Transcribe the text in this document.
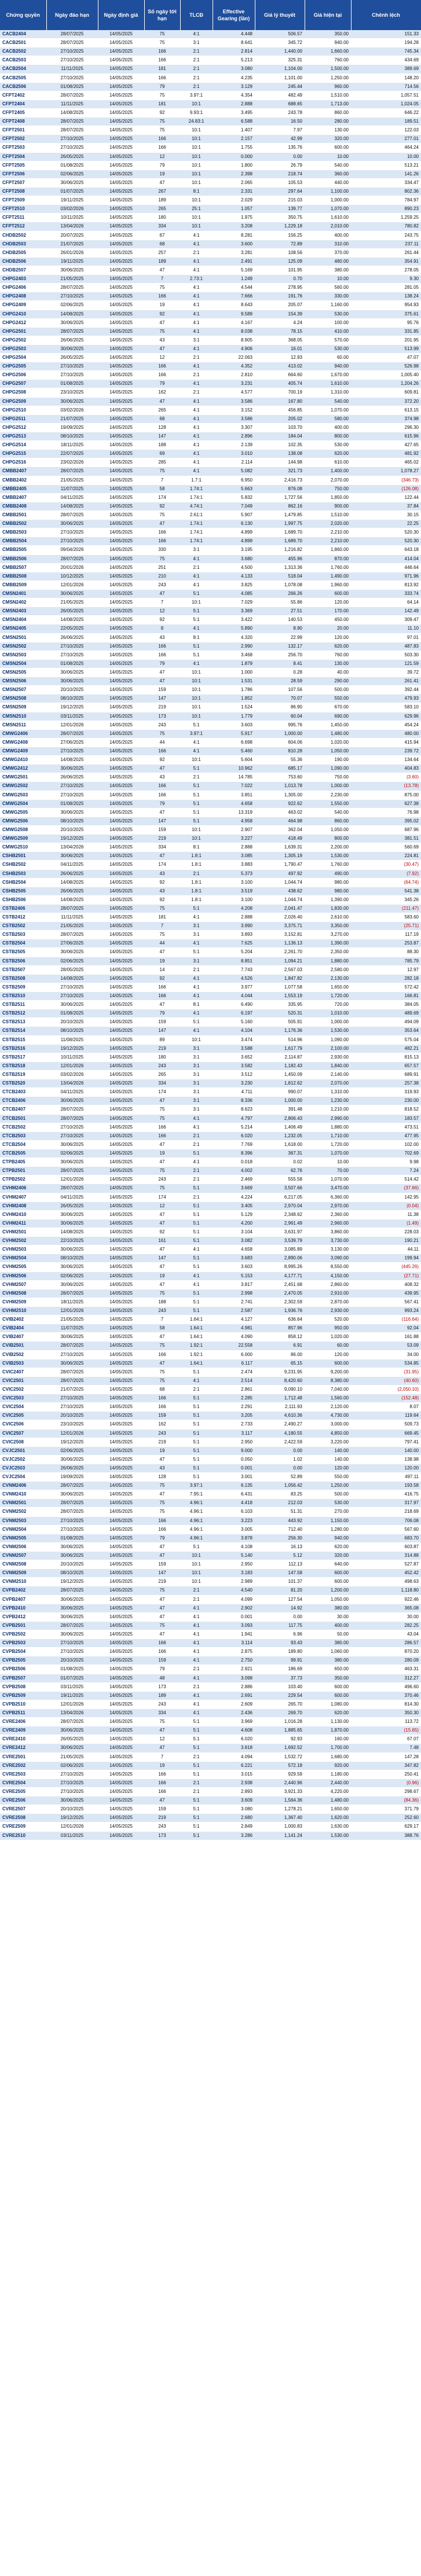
Chứng quyền	Ngày đáo hạn	Ngày định giá	Số ngày tới hạn	TLCĐ	Effective Gearing (lần)	Giá lý thuyết	Giá hiện tại	Chênh lệch
CACB2404	28/07/2025	14/05/2025	75	4:1	4.448	506.57	350.00	151.33
CACB2501	28/07/2025	14/05/2025	75	3:1	8.641	345.72	940.00	194.28
CACB2502	27/10/2025	14/05/2025	166	2:1	2.814	1,440.00	1,660.00	745.34
CACB2503	27/10/2025	14/05/2025	166	2:1	5.213	325.31	760.00	434.69
CACB2504	11/11/2025	14/05/2025	181	2:1	3.080	1,104.00	1,500.00	389.69
CACB2505	27/10/2025	14/05/2025	166	2:1	4.235	1,101.00	1,250.00	148.20
CACB2506	01/08/2025	14/05/2025	79	2:1	3.129	245.44	960.00	714.56
CFPT2402	28/07/2025	14/05/2025	75	3.97:1	4.354	482.49	1,510.00	1,057.51
CFPT2404	11/11/2025	14/05/2025	181	10:1	2.888	688.65	1,713.00	1,024.05
CFPT2405	14/08/2025	14/05/2025	92	9.93:1	3.495	243.78	860.00	646.22
CFPT2408	28/07/2025	14/05/2025	75	24.83:1	6.588	16.50	280.00	189.51
CFPT2501	28/07/2025	14/05/2025	75	10:1	1.407	7.97	130.00	122.03
CFPT2502	27/10/2025	14/05/2025	166	10:1	2.157	42.99	320.00	277.01
CFPT2503	27/10/2025	14/05/2025	166	10:1	1.755	135.76	600.00	464.24
CFPT2504	26/05/2025	14/05/2025	12	10:1	0.000	0.00	10.00	10.00
CFPT2505	01/08/2025	14/05/2025	79	10:1	1.800	26.79	540.00	513.21
CFPT2506	02/06/2025	14/05/2025	19	10:1	2.398	218.74	360.00	141.26
CFPT2507	30/06/2025	14/05/2025	47	10:1	2.065	105.53	440.00	334.47
CFPT2508	01/07/2025	14/05/2025	267	8:1	2.331	297.64	1,100.00	802.36
CFPT2509	19/11/2025	14/05/2025	189	10:1	2.029	215.03	1,000.00	784.97
CFPT2510	03/02/2026	14/05/2025	265	25:1	1.057	139.77	1,070.00	890.23
CFPT2511	10/11/2025	14/05/2025	180	10:1	1.975	350.75	1,610.00	1,259.25
CFPT2512	13/04/2026	14/05/2025	334	10:1	3.208	1,229.18	2,010.00	780.82
CHDB2502	20/07/2025	14/05/2025	67	4:1	8.281	156.25	400.00	243.75
CHDB2503	21/07/2025	14/05/2025	68	4:1	3.600	72.89	310.00	237.11
CHDB2505	26/01/2026	14/05/2025	257	2:1	3.281	108.56	370.00	261.44
CHDB2506	19/11/2025	14/05/2025	189	4:1	2.491	125.09	480.00	354.91
CHDB2507	30/06/2025	14/05/2025	47	4:1	5.169	101.95	380.00	278.05
CHPG2403	21/05/2025	14/05/2025	7	2.73:1	1.249	0.70	10.00	9.30
CHPG2406	28/07/2025	14/05/2025	75	4:1	4.544	278.95	560.00	281.05
CHPG2408	27/10/2025	14/05/2025	166	4:1	7.666	191.76	330.00	138.24
CHPG2409	02/06/2025	14/05/2025	19	4:1	8.643	205.07	1,160.00	954.93
CHPG2410	14/08/2025	14/05/2025	92	4:1	9.589	154.39	530.00	375.61
CHPG2412	30/06/2025	14/05/2025	47	4:1	4.167	4.24	100.00	95.76
CHPG2501	28/07/2025	14/05/2025	75	4:1	8.038	78.15	410.00	331.85
CHPG2502	26/06/2025	14/05/2025	43	3:1	8.905	368.05	570.00	201.95
CHPG2503	30/06/2025	14/05/2025	47	4:1	4.906	16.01	530.00	513.99
CHPG2504	26/05/2025	14/05/2025	12	2:1	22.063	12.93	60.00	47.07
CHPG2505	27/10/2025	14/05/2025	166	4:1	4.352	413.02	940.00	526.98
CHPG2506	27/10/2025	14/05/2025	166	2:1	2.810	664.60	1,670.00	1,005.40
CHPG2507	01/08/2025	14/05/2025	79	4:1	3.231	405.74	1,610.00	1,204.26
CHPG2508	23/10/2025	14/05/2025	162	2:1	4.577	700.19	1,310.00	609.81
CHPG2509	30/06/2025	14/05/2025	47	4:1	3.586	167.80	540.00	372.20
CHPG2510	03/02/2026	14/05/2025	265	4:1	3.152	456.85	1,070.00	613.15
CHPG2511	21/07/2025	14/05/2025	68	4:1	3.586	205.02	580.00	374.98
CHPG2512	19/09/2025	14/05/2025	128	4:1	3.307	103.70	400.00	296.30
CHPG2513	08/10/2025	14/05/2025	147	4:1	2.896	184.04	800.00	615.96
CHPG2514	18/11/2025	14/05/2025	188	4:1	2.139	102.35	530.00	427.65
CHPG2515	22/07/2025	14/05/2025	69	4:1	3.010	138.08	620.00	481.92
CHPG2516	23/02/2026	14/05/2025	285	4:1	2.114	144.98	610.00	465.02
CMBB2407	28/07/2025	14/05/2025	75	4:1	5.082	321.73	1,400.00	1,078.27
CMBB2402	21/05/2025	14/05/2025	7	1.7:1	6.950	2,416.73	2,070.00	(346.73)
CMBB2405	11/07/2025	14/05/2025	58	1.74:1	5.663	876.08	750.00	(126.08)
CMBB2407	04/11/2025	14/05/2025	174	1.74:1	5.832	1,727.56	1,850.00	122.44
CMBB2408	14/08/2025	14/05/2025	92	4.74:1	7.049	862.16	900.00	37.84
CMBB2501	28/07/2025	14/05/2025	75	2.61:1	5.907	1,479.85	1,510.00	30.15
CMBB2502	30/06/2025	14/05/2025	47	1.74:1	6.130	1,997.75	2,020.00	22.25
CMBB2503	27/10/2025	14/05/2025	166	1.74:1	4.899	1,689.70	2,210.00	520.30
CMBB2504	27/10/2025	14/05/2025	166	1.74:1	4.899	1,689.70	2,210.00	520.30
CMBB2505	09/04/2026	14/05/2025	330	3:1	3.195	1,216.82	1,860.00	643.18
CMBB2506	28/07/2025	14/05/2025	75	4:1	3.680	455.96	870.00	414.04
CMBB2507	20/01/2026	14/05/2025	251	2:1	4.500	1,313.36	1,760.00	446.64
CMBB2508	10/12/2025	14/05/2025	210	4:1	4.133	518.04	1,490.00	971.96
CMBB2509	12/01/2026	14/05/2025	243	4:1	3.825	1,078.08	1,960.00	813.92
CMSN2401	30/06/2025	14/05/2025	47	5:1	4.085	266.26	600.00	333.74
CMSN2402	21/05/2025	14/05/2025	7	10:1	7.029	55.86	120.00	64.14
CMSN2403	26/05/2025	14/05/2025	12	5:1	3.369	27.51	170.00	142.49
CMSN2404	14/08/2025	14/05/2025	92	5:1	3.422	140.53	450.00	309.47
CMSN2405	22/05/2025	14/05/2025	8	4:1	5.890	8.90	20.00	11.10
CMSN2501	26/06/2025	14/05/2025	43	8:1	4.320	22.99	120.00	97.01
CMSN2502	27/10/2025	14/05/2025	166	5:1	2.990	132.17	620.00	487.83
CMSN2503	27/10/2025	14/05/2025	166	5:1	3.468	256.70	760.00	503.30
CMSN2504	01/08/2025	14/05/2025	79	4:1	1.879	8.41	130.00	121.59
CMSN2505	30/06/2025	14/05/2025	47	10:1	1.000	0.28	40.00	39.72
CMSN2506	30/06/2025	14/05/2025	47	10:1	1.531	28.59	290.00	261.41
CMSN2507	20/10/2025	14/05/2025	159	10:1	1.786	107.56	500.00	392.44
CMSN2508	08/10/2025	14/05/2025	147	10:1	1.852	70.07	550.00	479.93
CMSN2509	19/12/2025	14/05/2025	219	10:1	1.524	86.90	670.00	583.10
CMSN2510	03/11/2025	14/05/2025	173	10:1	1.779	60.04	690.00	629.96
CMSN2511	12/01/2026	14/05/2025	243	5:1	3.603	995.76	1,450.00	454.24
CMWG2406	28/07/2025	14/05/2025	75	3.97:1	5.917	1,000.00	1,480.00	480.00
CMWG2408	27/06/2025	14/05/2025	44	4:1	6.698	604.06	1,020.00	415.94
CMWG2409	27/10/2025	14/05/2025	166	4:1	5.460	810.28	1,050.00	239.72
CMWG2410	14/08/2025	14/05/2025	92	10:1	5.604	55.36	190.00	134.64
CMWG2412	30/06/2025	14/05/2025	47	5:1	10.962	685.17	1,090.00	404.83
CMWG2501	26/06/2025	14/05/2025	43	2:1	14.785	753.60	750.00	(3.60)
CMWG2502	27/10/2025	14/05/2025	166	5:1	7.022	1,013.78	1,000.00	(13.78)
CMWG2503	27/10/2025	14/05/2025	166	5:1	3.851	1,305.00	2,230.00	875.00
CMWG2504	01/08/2025	14/05/2025	79	5:1	4.658	922.62	1,550.00	627.38
CMWG2505	30/06/2025	14/05/2025	47	5:1	13.319	463.02	540.00	76.98
CMWG2506	08/10/2025	14/05/2025	147	5:1	4.958	464.98	860.00	395.02
CMWG2508	20/10/2025	14/05/2025	159	10:1	2.907	362.04	1,050.00	687.96
CMWG2509	19/12/2025	14/05/2025	219	10:1	3.227	418.49	800.00	381.51
CMWG2510	13/04/2026	14/05/2025	334	8:1	2.888	1,639.31	2,200.00	560.69
CSHB2501	30/06/2025	14/05/2025	47	1.8:1	3.085	1,305.19	1,530.00	224.81
CSHB2502	04/11/2025	14/05/2025	174	1.8:1	3.883	1,790.47	1,760.00	(30.47)
CSHB2503	26/06/2025	14/05/2025	43	2:1	5.373	497.92	490.00	(7.92)
CSHB2504	14/08/2025	14/05/2025	92	1.8:1	3.100	1,044.74	980.00	(64.74)
CSHB2505	26/06/2025	14/05/2025	43	1.8:1	3.519	438.62	980.00	541.38
CSHB2506	14/08/2025	14/05/2025	92	1.8:1	3.100	1,044.74	1,390.00	345.26
CSTB2406	28/07/2025	14/05/2025	75	5:1	4.208	2,041.47	1,830.00	(211.47)
CSTB2412	11/11/2025	14/05/2025	181	4:1	2.888	2,026.40	2,610.00	583.60
CSTB2502	21/05/2025	14/05/2025	7	3:1	3.990	3,375.71	3,350.00	(25.71)
CSTB2503	28/07/2025	14/05/2025	75	3:1	3.893	3,152.81	3,270.00	117.19
CSTB2504	27/06/2025	14/05/2025	44	4:1	7.625	1,136.13	1,390.00	253.87
CSTB2505	30/06/2025	14/05/2025	47	5:1	5.204	2,261.70	2,350.00	88.30
CSTB2506	02/06/2025	14/05/2025	19	3:1	8.851	1,094.21	1,880.00	785.79
CSTB2507	28/05/2025	14/05/2025	14	2:1	7.743	2,567.03	2,580.00	12.97
CSTB2508	14/08/2025	14/05/2025	92	4:1	4.526	1,847.82	2,130.00	282.18
CSTB2509	27/10/2025	14/05/2025	166	4:1	3.977	1,077.58	1,650.00	572.42
CSTB2510	27/10/2025	14/05/2025	166	4:1	4.044	1,553.19	1,720.00	166.81
CSTB2511	30/06/2025	14/05/2025	47	8:1	6.490	335.95	720.00	384.05
CSTB2512	01/08/2025	14/05/2025	79	4:1	6.197	520.31	1,010.00	489.69
CSTB2513	20/10/2025	14/05/2025	159	5:1	5.160	505.91	1,000.00	494.09
CSTB2514	08/10/2025	14/05/2025	147	4:1	4.104	1,176.36	1,530.00	353.64
CSTB2515	11/08/2025	14/05/2025	89	10:1	3.474	514.96	1,090.00	575.04
CSTB2516	19/12/2025	14/05/2025	219	3:1	3.588	1,617.79	2,100.00	482.21
CSTB2517	10/11/2025	14/05/2025	180	3:1	3.652	2,114.87	2,930.00	815.13
CSTB2518	12/01/2026	14/05/2025	243	3:1	3.582	1,182.43	1,840.00	657.57
CSTB2519	03/02/2026	14/05/2025	265	3:1	3.512	1,450.09	2,140.00	689.91
CSTB2520	13/04/2026	14/05/2025	334	3:1	3.230	1,812.62	2,070.00	257.38
CTCB2403	04/11/2025	14/05/2025	174	3:1	4.711	990.07	1,310.00	319.93
CTCB2406	30/06/2025	14/05/2025	47	3:1	8.336	1,000.00	1,230.00	230.00
CTCB2407	28/07/2025	14/05/2025	75	3:1	8.623	391.48	1,210.00	818.52
CTCB2501	28/07/2025	14/05/2025	75	4:1	4.797	2,806.43	2,990.00	183.57
CTCB2502	27/10/2025	14/05/2025	166	4:1	5.214	1,406.49	1,880.00	473.51
CTCB2503	27/10/2025	14/05/2025	166	2:1	6.020	1,232.05	1,710.00	477.95
CTCB2504	30/06/2025	14/05/2025	47	2:1	7.769	1,618.00	1,720.00	102.00
CTCB2505	02/06/2025	14/05/2025	19	5:1	8.396	367.31	1,070.00	702.69
CTPB2405	30/06/2025	14/05/2025	47	4:1	0.018	0.02	10.00	9.98
CTPB2501	28/07/2025	14/05/2025	75	2:1	4.002	62.76	70.00	7.24
CTPB2502	12/01/2026	14/05/2025	243	2:1	2.469	555.58	1,070.00	514.42
CVHM2406	28/07/2025	14/05/2025	75	5:1	3.669	3,507.66	3,470.00	(37.66)
CVHM2407	04/11/2025	14/05/2025	174	2:1	4.224	6,217.05	6,360.00	142.95
CVHM2408	26/05/2025	14/05/2025	12	5:1	3.405	2,970.04	2,970.00	(0.04)
CVHM2410	30/06/2025	14/05/2025	47	5:1	5.129	2,348.62	2,360.00	11.38
CVHM2411	30/06/2025	14/05/2025	47	5:1	4.200	2,961.49	2,960.00	(1.49)
CVHM2501	14/08/2025	14/05/2025	92	5:1	3.104	3,631.97	3,860.00	228.03
CVHM2502	22/10/2025	14/05/2025	161	5:1	3.082	3,539.79	3,730.00	190.21
CVHM2503	30/06/2025	14/05/2025	47	4:1	4.658	3,085.89	3,130.00	44.11
CVHM2504	08/10/2025	14/05/2025	147	5:1	3.683	2,890.06	3,090.00	199.94
CVHM2505	30/06/2025	14/05/2025	47	5:1	3.603	8,995.26	8,550.00	(445.26)
CVHM2506	02/06/2025	14/05/2025	19	4:1	5.153	4,177.71	4,150.00	(27.71)
CVHM2507	30/06/2025	14/05/2025	47	4:1	3.817	2,451.68	2,860.00	408.32
CVHM2508	28/07/2025	14/05/2025	75	5:1	2.998	2,470.05	2,910.00	439.95
CVHM2509	18/11/2025	14/05/2025	188	5:1	2.741	2,302.59	2,870.00	567.41
CVHM2510	12/01/2026	14/05/2025	243	5:1	2.587	1,936.76	2,930.00	993.24
CVIB2402	21/05/2025	14/05/2025	7	1.64:1	4.127	636.64	520.00	(116.64)
CVIB2404	11/07/2025	14/05/2025	58	1.64:1	4.981	857.96	950.00	92.04
CVIB2407	30/06/2025	14/05/2025	47	1.64:1	4.090	858.12	1,020.00	161.88
CVIB2501	28/07/2025	14/05/2025	75	1.92:1	22.558	6.91	60.00	53.09
CVIB2502	27/10/2025	14/05/2025	166	1.92:1	6.000	86.00	120.00	34.00
CVIB2503	30/06/2025	14/05/2025	47	1.64:1	6.117	65.15	600.00	534.85
CVIC2407	28/07/2025	14/05/2025	75	5:1	2.474	9,231.95	9,200.00	(31.95)
CVIC2501	28/07/2025	14/05/2025	75	4:1	2.514	8,420.60	8,380.00	(40.60)
CVIC2502	21/07/2025	14/05/2025	68	2:1	2.861	9,090.10	7,040.00	(2,050.10)
CVIC2503	27/10/2025	14/05/2025	166	5:1	2.285	1,712.48	1,560.00	(152.48)
CVIC2504	27/10/2025	14/05/2025	166	5:1	2.291	2,111.93	2,120.00	8.07
CVIC2505	20/10/2025	14/05/2025	159	5:1	3.205	4,610.36	4,730.00	119.64
CVIC2506	23/10/2025	14/05/2025	162	5:1	2.733	2,490.27	3,000.00	509.73
CVIC2507	12/01/2026	14/05/2025	243	5:1	3.117	4,180.55	4,850.00	669.45
CVIC2508	19/12/2025	14/05/2025	219	5:1	2.950	2,422.59	3,220.00	797.41
CVJC2501	02/06/2025	14/05/2025	19	5:1	9.000	0.00	140.00	140.00
CVJC2502	30/06/2025	14/05/2025	47	5:1	0.050	1.02	140.00	138.98
CVJC2503	26/06/2025	14/05/2025	43	5:1	0.001	0.00	120.00	120.00
CVJC2504	19/09/2025	14/05/2025	128	5:1	3.001	52.89	550.00	497.11
CVNM2406	28/07/2025	14/05/2025	75	3.97:1	6.135	1,056.42	1,250.00	193.58
CVNM2410	30/06/2025	14/05/2025	47	7.95:1	6.431	83.25	500.00	416.75
CVNM2501	28/07/2025	14/05/2025	75	4.96:1	4.418	212.03	530.00	317.97
CVNM2502	28/07/2025	14/05/2025	75	4.96:1	6.103	51.31	270.00	218.69
CVNM2503	27/10/2025	14/05/2025	166	4.96:1	3.223	443.92	1,150.00	706.08
CVNM2504	27/10/2025	14/05/2025	166	4.96:1	3.005	712.40	1,280.00	567.60
CVNM2505	01/08/2025	14/05/2025	79	4.96:1	3.878	256.30	940.00	683.70
CVNM2506	30/06/2025	14/05/2025	47	5:1	4.108	16.13	620.00	603.87
CVNM2507	30/06/2025	14/05/2025	47	10:1	5.140	5.12	320.00	314.88
CVNM2508	20/10/2025	14/05/2025	159	10:1	2.950	112.13	640.00	527.87
CVNM2509	08/10/2025	14/05/2025	147	10:1	3.183	147.58	600.00	452.42
CVNM2510	19/12/2025	14/05/2025	219	10:1	2.989	101.37	600.00	498.63
CVPB2402	28/07/2025	14/05/2025	75	2:1	4.540	81.20	1,200.00	1,118.80
CVPB2407	30/06/2025	14/05/2025	47	2:1	4.099	127.54	1,050.00	922.46
CVPB2410	30/06/2025	14/05/2025	47	4:1	2.902	14.92	380.00	365.08
CVPB2412	30/06/2025	14/05/2025	47	4:1	0.001	0.00	30.00	30.00
CVPB2501	28/07/2025	14/05/2025	75	4:1	3.093	117.75	400.00	282.25
CVPB2502	30/06/2025	14/05/2025	47	4:1	1.941	6.96	50.00	43.04
CVPB2503	27/10/2025	14/05/2025	166	4:1	3.114	93.43	380.00	286.57
CVPB2504	27/10/2025	14/05/2025	166	4:1	2.875	189.80	1,060.00	870.20
CVPB2505	20/10/2025	14/05/2025	159	4:1	2.750	99.91	380.00	280.09
CVPB2506	01/08/2025	14/05/2025	79	2:1	2.921	186.69	650.00	463.31
CVPB2507	01/07/2025	14/05/2025	48	4:1	3.098	37.73	350.00	312.27
CVPB2508	03/11/2025	14/05/2025	173	2:1	2.886	103.40	600.00	496.60
CVPB2509	19/11/2025	14/05/2025	189	4:1	2.691	229.54	600.00	370.46
CVPB2510	12/01/2026	14/05/2025	243	4:1	2.609	265.70	1,080.00	814.30
CVPB2511	13/04/2026	14/05/2025	334	4:1	2.436	269.70	620.00	350.30
CVRE2406	28/07/2025	14/05/2025	75	5:1	3.969	1,016.28	1,130.00	113.72
CVRE2409	30/06/2025	14/05/2025	47	5:1	4.608	1,885.65	1,870.00	(15.65)
CVRE2410	26/05/2025	14/05/2025	12	5:1	6.020	92.93	160.00	67.07
CVRE2412	30/06/2025	14/05/2025	47	5:1	3.818	1,692.52	1,700.00	7.48
CVRE2501	21/05/2025	14/05/2025	7	2:1	4.094	1,532.72	1,680.00	147.28
CVRE2502	02/06/2025	14/05/2025	19	5:1	6.221	572.18	920.00	347.82
CVRE2503	27/10/2025	14/05/2025	166	5:1	3.015	929.59	1,180.00	250.41
CVRE2504	27/10/2025	14/05/2025	166	2:1	2.938	2,440.96	2,440.00	(0.96)
CVRE2505	27/10/2025	14/05/2025	166	2:1	2.893	3,921.33	4,220.00	298.67
CVRE2506	30/06/2025	14/05/2025	47	5:1	3.609	1,564.36	1,480.00	(84.36)
CVRE2507	20/10/2025	14/05/2025	159	5:1	3.080	1,278.21	1,650.00	371.79
CVRE2508	19/12/2025	14/05/2025	219	5:1	2.680	1,367.40	1,620.00	252.60
CVRE2509	12/01/2026	14/05/2025	243	5:1	2.849	1,000.83	1,630.00	629.17
CVRE2510	03/11/2025	14/05/2025	173	5:1	3.286	1,141.24	1,530.00	388.76
